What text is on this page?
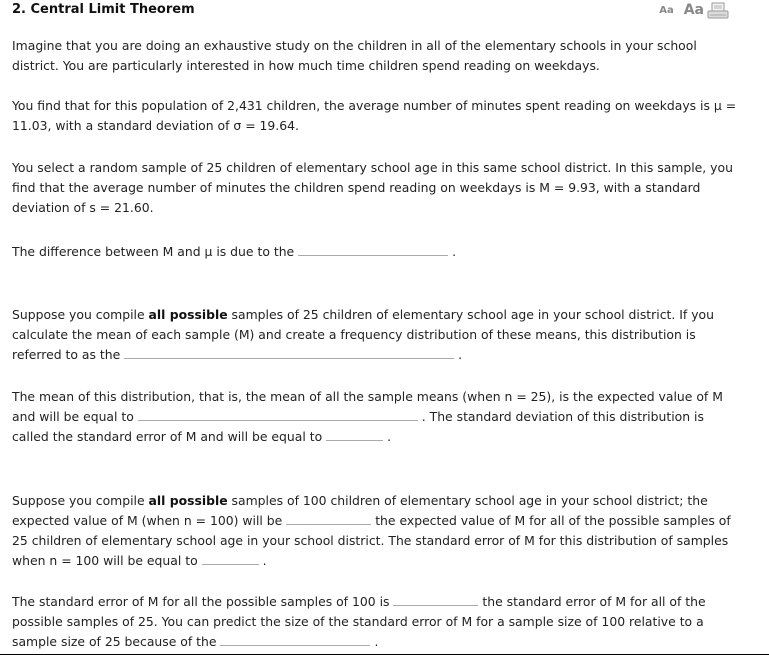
2. Central Limit Theorem	Aa Aa

Imagine that you are doing an exhaustive study on the children in all of the elementary schools in your school district. You are particularly interested in how much time children spend reading on weekdays.

You find that for this population of 2,431 children, the average number of minutes spent reading on weekdays is μ = 11.03, with a standard deviation of σ = 19.64.

You select a random sample of 25 children of elementary school age in this same school district. In this sample, you find that the average number of minutes the children spend reading on weekdays is M = 9.93, with a standard deviation of s = 21.60.

The difference between M and μ is due to the	.

Suppose you compile all possible samples of 25 children of elementary school age in your school district. If you calculate the mean of each sample (M) and create a frequency distribution of these means, this distribution is referred to as the	.

The mean of this distribution, that is, the mean of all the sample means (when n = 25), is the expected value of M and will be equal to	. The standard deviation of this distribution is called the standard error of M and will be equal to	.

Suppose you compile all possible samples of 100 children of elementary school age in your school district; the expected value of M (when n = 100) will be	the expected value of M for all of the possible samples of 25 children of elementary school age in your school district. The standard error of M for this distribution of samples when n = 100 will be equal to	.

The standard error of M for all the possible samples of 100 is	the standard error of M for all of the possible samples of 25. You can predict the size of the standard error of M for a sample size of 100 relative to a sample size of 25 because of the	.
